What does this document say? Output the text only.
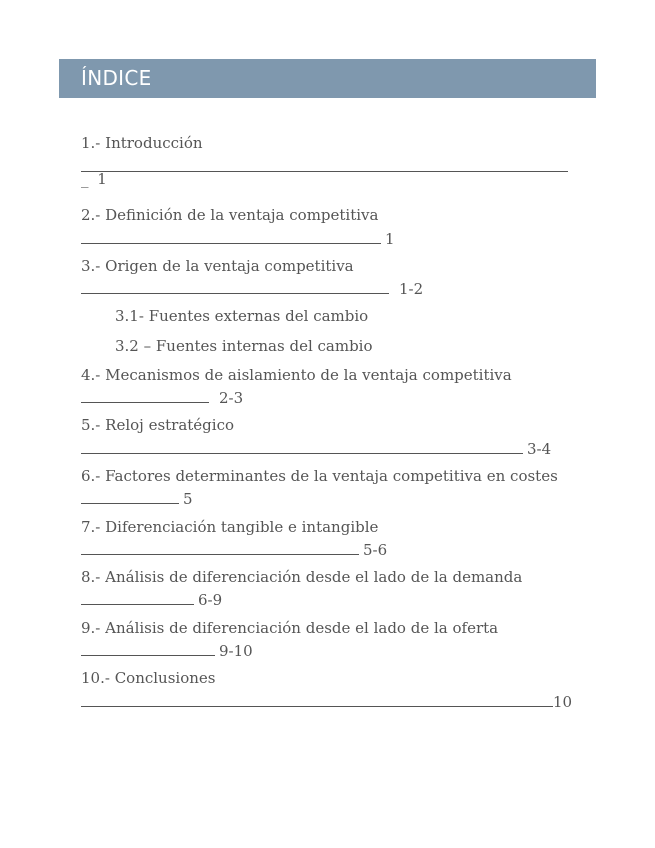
ÍNDICE
1.- Introducción
_ 1
2.- Definición de la ventaja competitiva
1
3.- Origen de la ventaja competitiva
1-2
3.1- Fuentes externas del cambio
3.2 – Fuentes internas del cambio
4.- Mecanismos de aislamiento de la ventaja competitiva
2-3
5.- Reloj estratégico
3-4
6.- Factores determinantes de la ventaja competitiva en costes
5
7.- Diferenciación tangible e intangible
5-6
8.- Análisis de diferenciación desde el lado de la demanda
6-9
9.- Análisis de diferenciación desde el lado de la oferta
9-10
10.- Conclusiones
10
